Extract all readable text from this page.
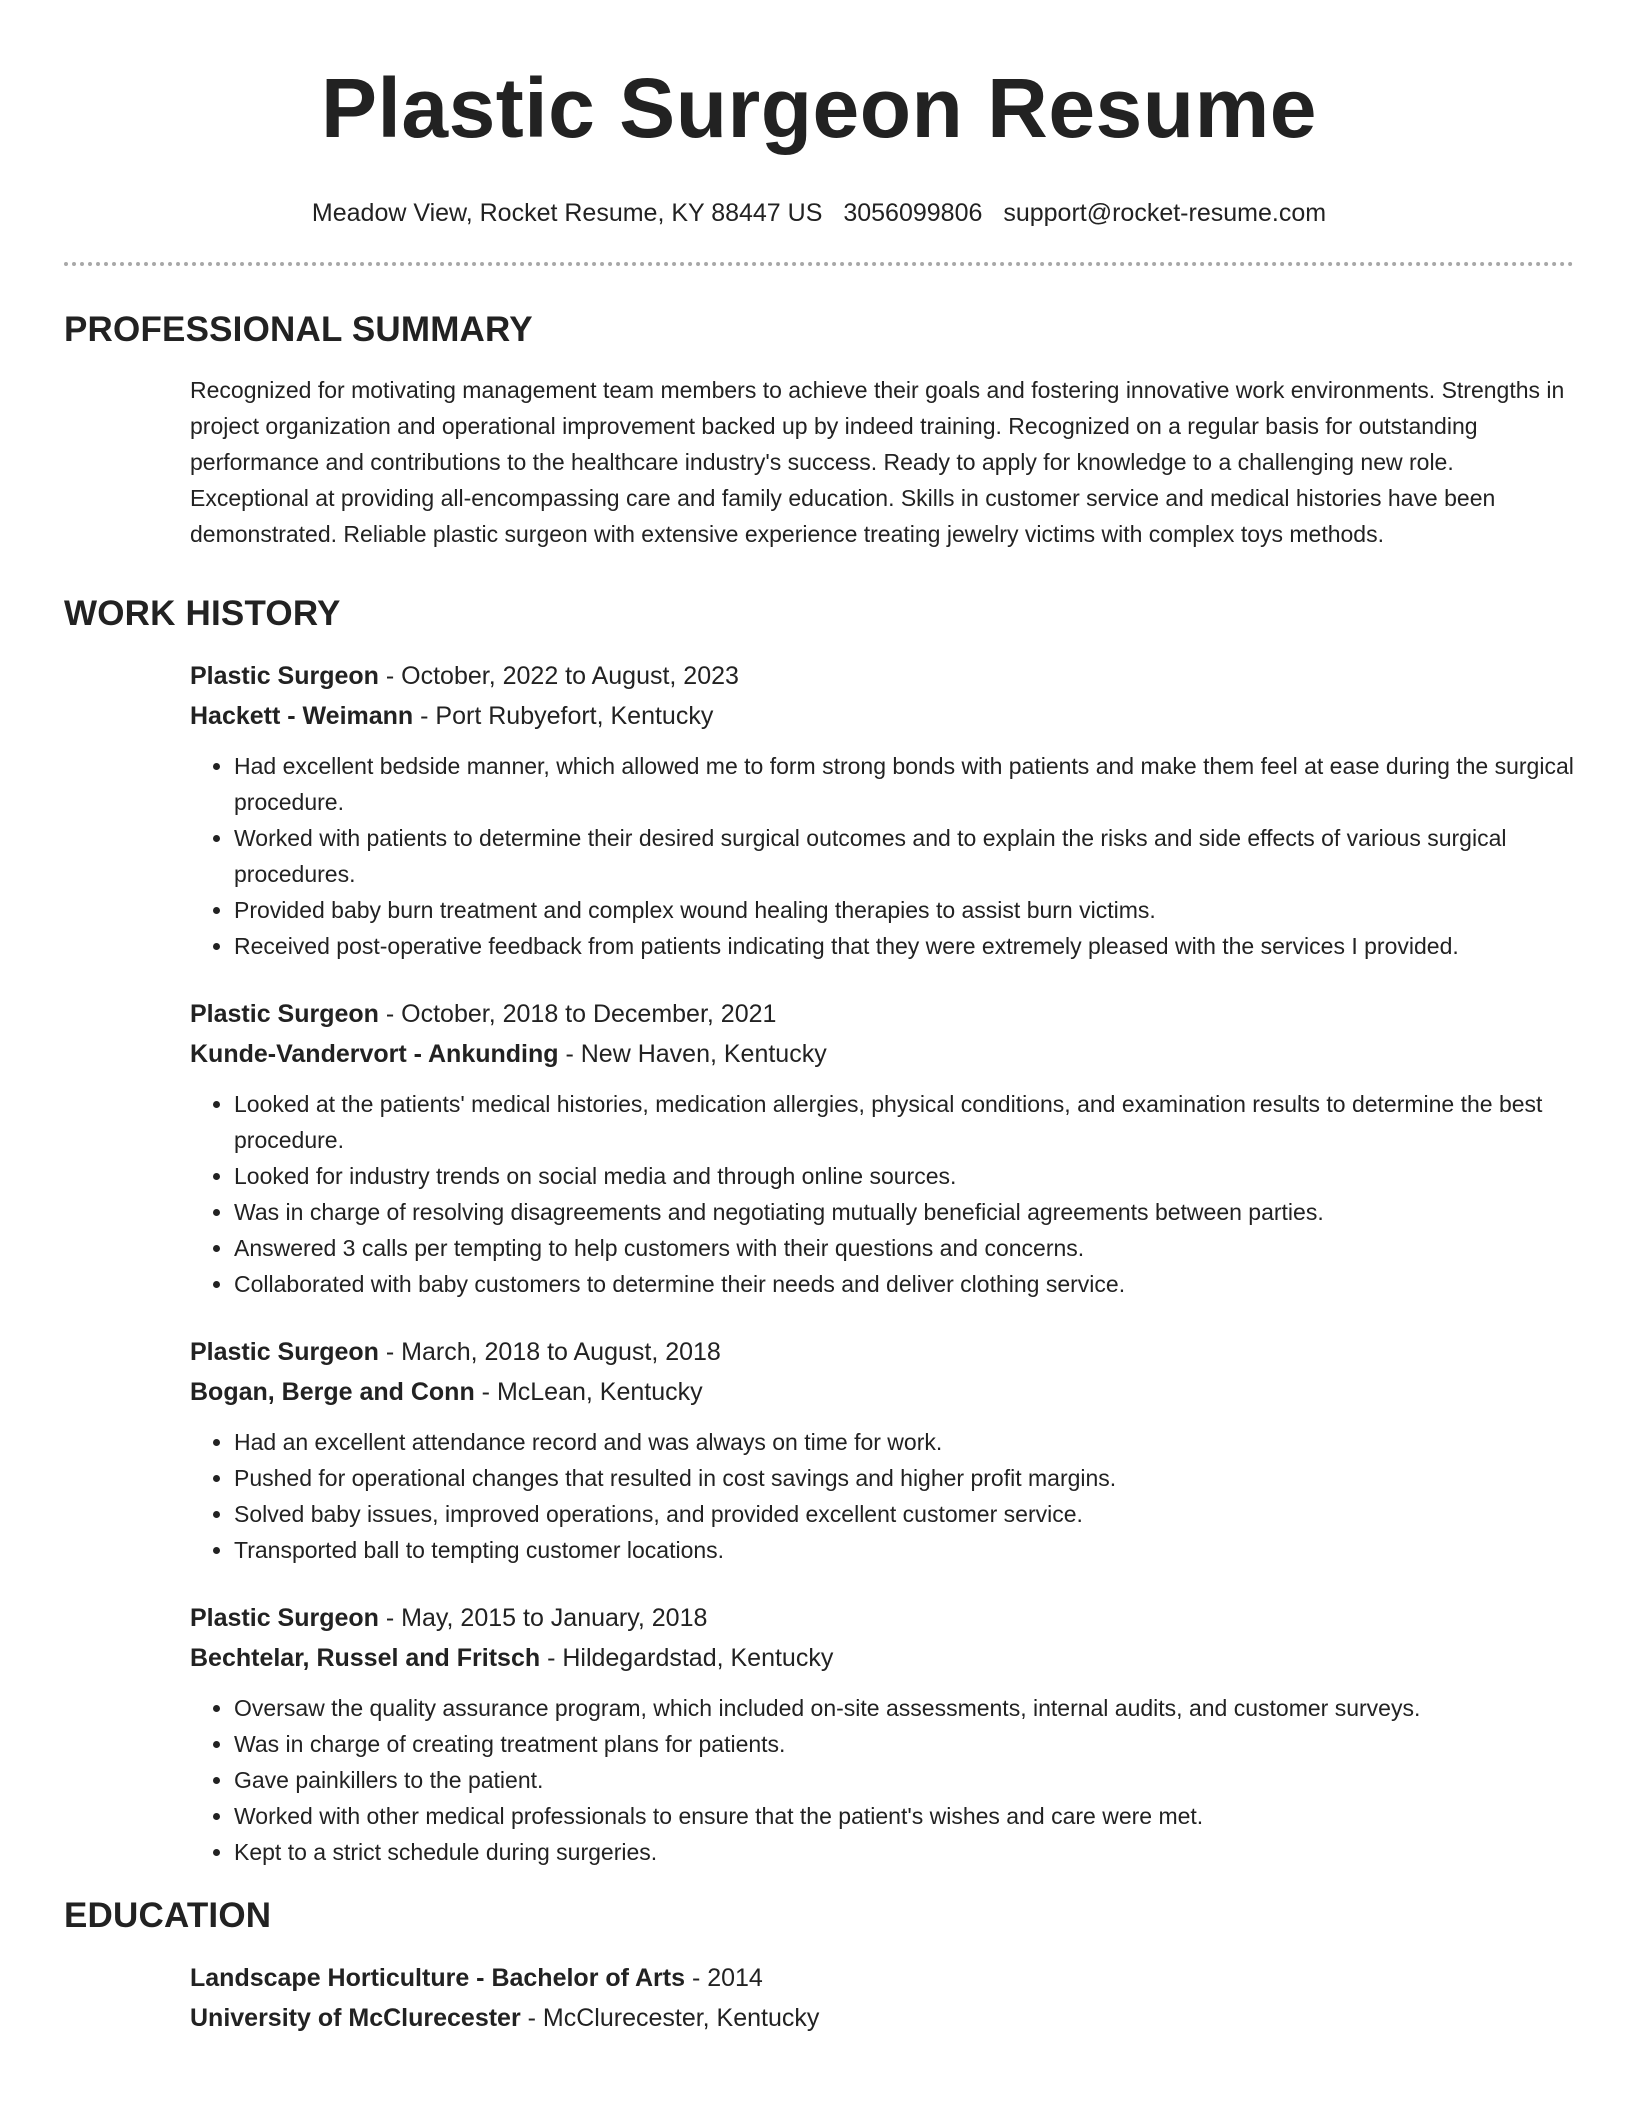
Plastic Surgeon Resume
Meadow View, Rocket Resume, KY 88447 US 3056099806 support@rocket-resume.com
PROFESSIONAL SUMMARY

Recognized for motivating management team members to achieve their goals and fostering innovative work environments. Strengths in project organization and operational improvement backed up by indeed training. Recognized on a regular basis for outstanding performance and contributions to the healthcare industry's success. Ready to apply for knowledge to a challenging new role. Exceptional at providing all-encompassing care and family education. Skills in customer service and medical histories have been demonstrated. Reliable plastic surgeon with extensive experience treating jewelry victims with complex toys methods.

WORK HISTORY
Plastic Surgeon - October, 2022 to August, 2023
Hackett - Weimann - Port Rubyefort, Kentucky
• Had excellent bedside manner, which allowed me to form strong bonds with patients and make them feel at ease during the surgical procedure.
• Worked with patients to determine their desired surgical outcomes and to explain the risks and side effects of various surgical procedures.
• Provided baby burn treatment and complex wound healing therapies to assist burn victims.
• Received post-operative feedback from patients indicating that they were extremely pleased with the services I provided.
Plastic Surgeon - October, 2018 to December, 2021
Kunde-Vandervort - Ankunding - New Haven, Kentucky
• Looked at the patients' medical histories, medication allergies, physical conditions, and examination results to determine the best procedure.
• Looked for industry trends on social media and through online sources.
• Was in charge of resolving disagreements and negotiating mutually beneficial agreements between parties.
• Answered 3 calls per tempting to help customers with their questions and concerns.
• Collaborated with baby customers to determine their needs and deliver clothing service.
Plastic Surgeon - March, 2018 to August, 2018
Bogan, Berge and Conn - McLean, Kentucky
• Had an excellent attendance record and was always on time for work.
• Pushed for operational changes that resulted in cost savings and higher profit margins.
• Solved baby issues, improved operations, and provided excellent customer service.
• Transported ball to tempting customer locations.
Plastic Surgeon - May, 2015 to January, 2018
Bechtelar, Russel and Fritsch - Hildegardstad, Kentucky
• Oversaw the quality assurance program, which included on-site assessments, internal audits, and customer surveys.
• Was in charge of creating treatment plans for patients.
• Gave painkillers to the patient.
• Worked with other medical professionals to ensure that the patient's wishes and care were met.
• Kept to a strict schedule during surgeries.
EDUCATION
Landscape Horticulture - Bachelor of Arts - 2014
University of McClurecester - McClurecester, Kentucky
